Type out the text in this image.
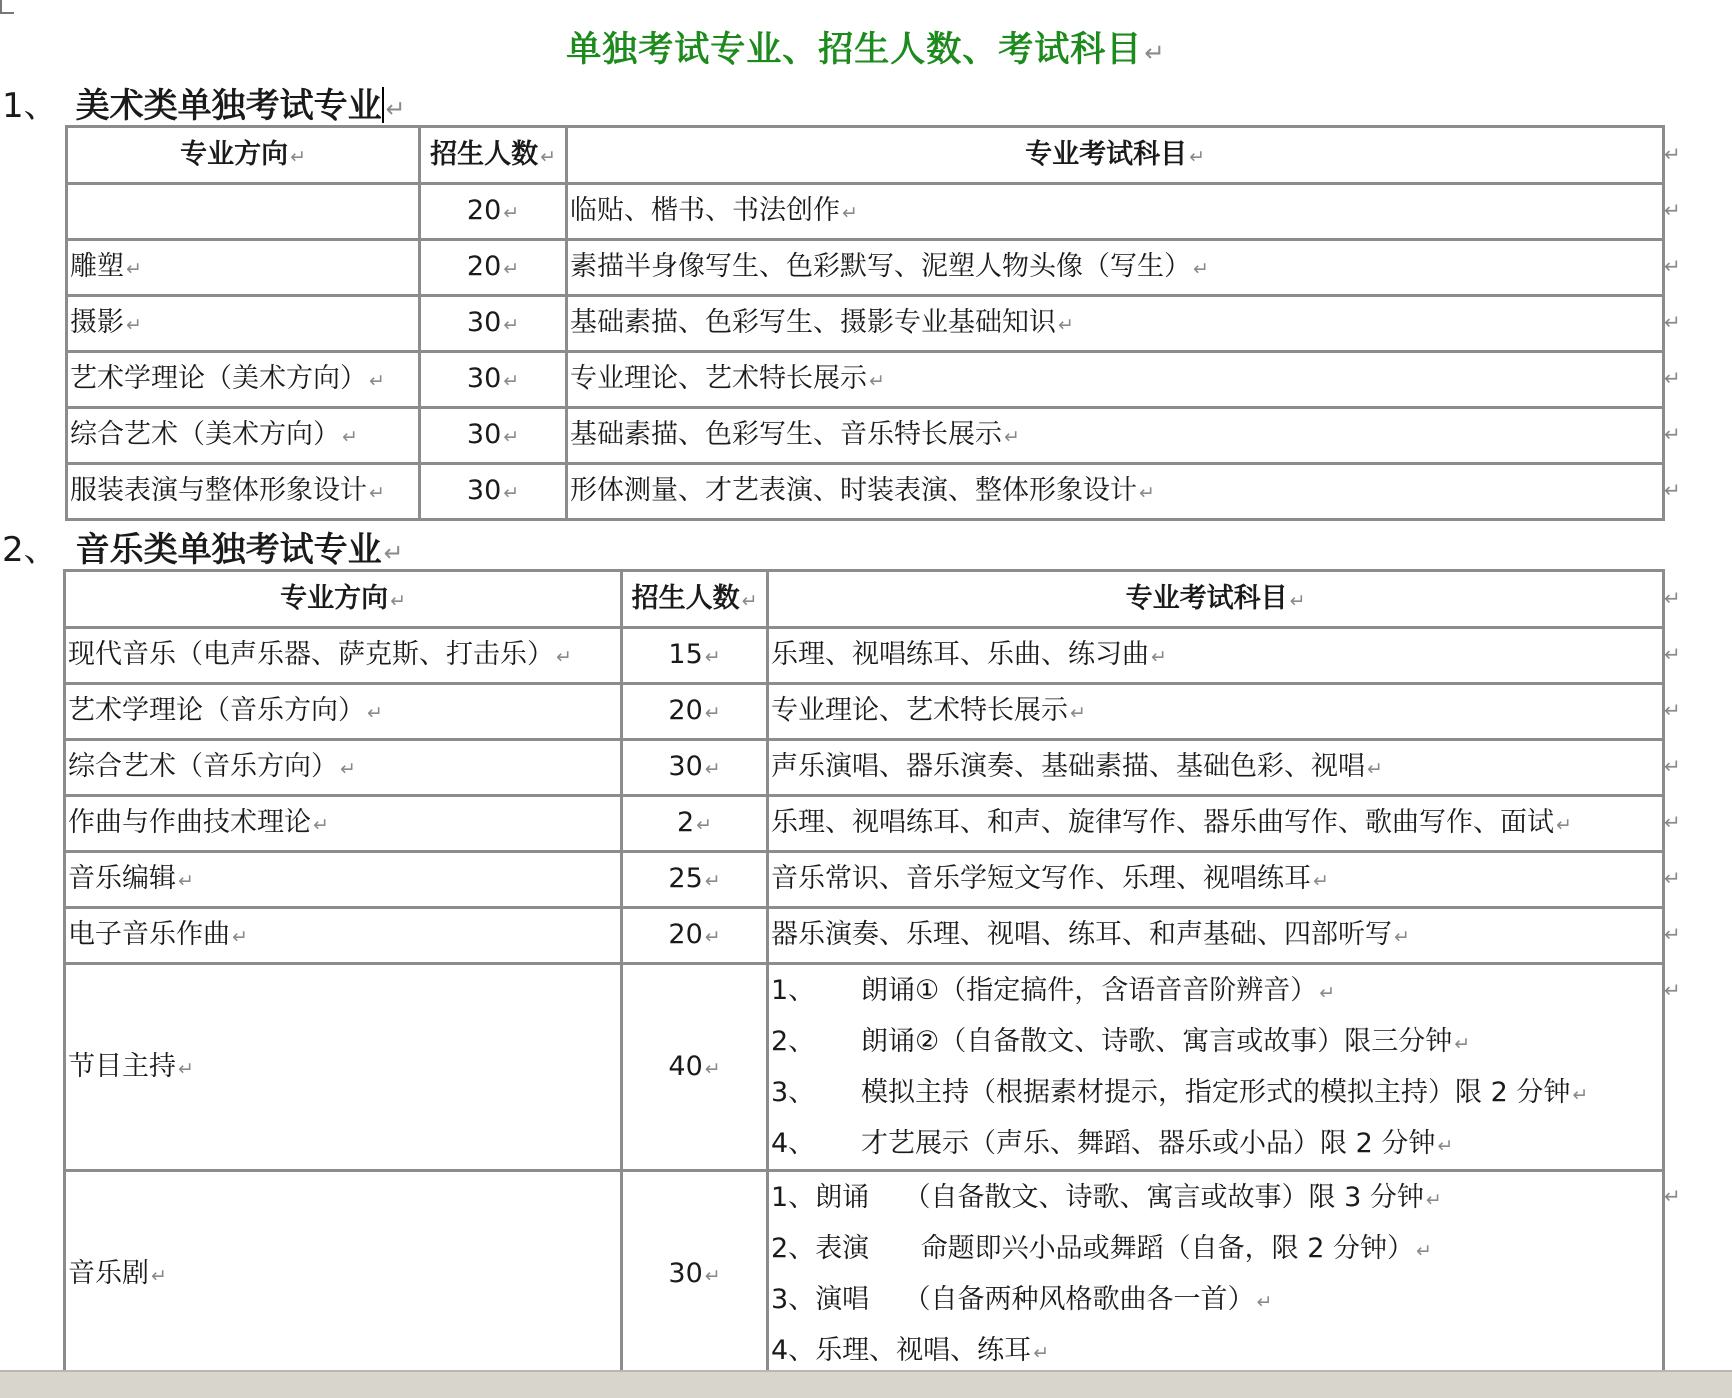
单独考试专业、招生人数、考试科目↵
1、 美术类单独考试专业 ↵
专业方向 ↵	招生人数 ↵	专业考试科目 ↵
	20 ↵	临贴、楷书、书法创作 ↵
雕塑 ↵	20 ↵	素描半身像写生、色彩默写、泥塑人物头像（写生） ↵
摄影 ↵	30 ↵	基础素描、色彩写生、摄影专业基础知识 ↵
艺术学理论（美术方向） ↵	30 ↵	专业理论、艺术特长展示 ↵
综合艺术（美术方向） ↵	30 ↵	基础素描、色彩写生、音乐特长展示 ↵
服装表演与整体形象设计 ↵	30 ↵	形体测量、才艺表演、时装表演、整体形象设计 ↵
↵
↵
↵
↵
↵
↵
↵
2、 音乐类单独考试专业↵
专业方向 ↵	招生人数 ↵	专业考试科目 ↵
现代音乐（电声乐器、萨克斯、打击乐） ↵	15 ↵	乐理、视唱练耳、乐曲、练习曲 ↵
艺术学理论（音乐方向） ↵	20 ↵	专业理论、艺术特长展示 ↵
综合艺术（音乐方向） ↵	30 ↵	声乐演唱、器乐演奏、基础素描、基础色彩、视唱 ↵
作曲与作曲技术理论 ↵	2 ↵	乐理、视唱练耳、和声、旋律写作、器乐曲写作、歌曲写作、面试 ↵
音乐编辑 ↵	25 ↵	音乐常识、音乐学短文写作、乐理、视唱练耳 ↵
电子音乐作曲 ↵	20 ↵	器乐演奏、乐理、视唱、练耳、和声基础、四部听写 ↵
节目主持 ↵	40 ↵	1、 朗诵①（指定搞件，含语音音阶辨音） ↵
2、 朗诵②（自备散文、诗歌、寓言或故事）限三分钟 ↵
3、 模拟主持（根据素材提示，指定形式的模拟主持）限 2 分钟 ↵
4、 才艺展示（声乐、舞蹈、器乐或小品）限 2 分钟 ↵

音乐剧 ↵	30 ↵	1、朗诵 （自备散文、诗歌、寓言或故事）限 3 分钟 ↵
2、表演 命题即兴小品或舞蹈（自备，限 2 分钟） ↵
3、演唱 （自备两种风格歌曲各一首） ↵
4、乐理、视唱、练耳 ↵
↵
↵
↵
↵
↵
↵
↵
↵
↵
